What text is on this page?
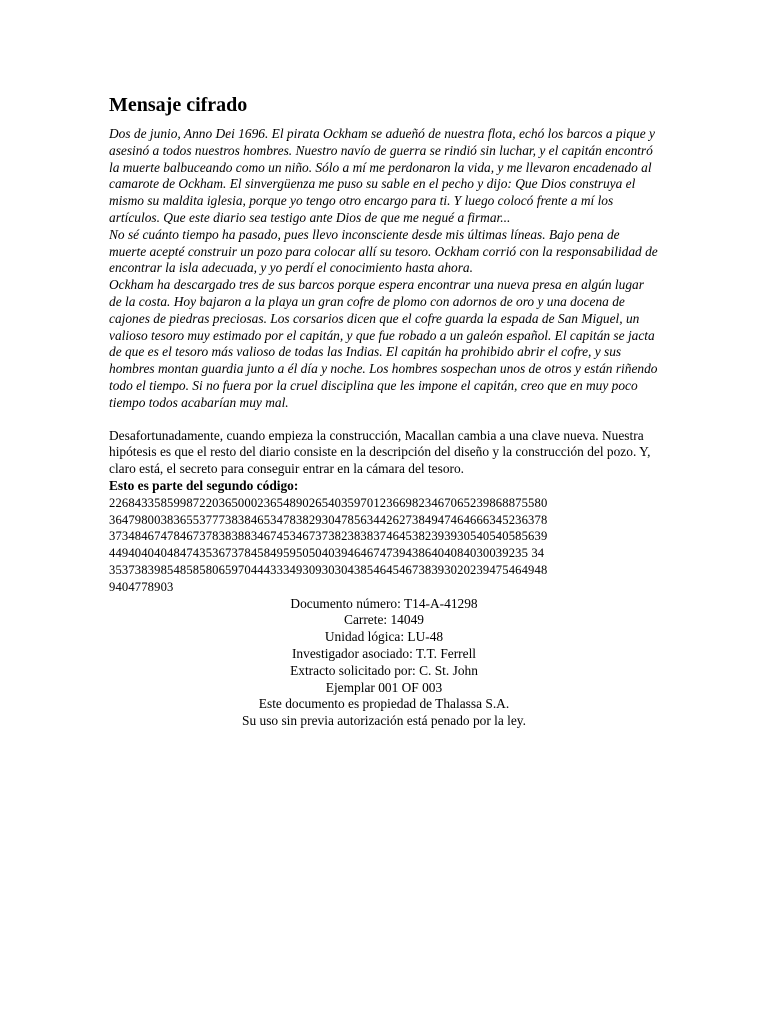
Mensaje cifrado

Dos de junio, Anno Dei 1696. El pirata Ockham se adueñó de nuestra flota, echó los barcos a pique y asesinó a todos nuestros hombres. Nuestro navío de guerra se rindió sin luchar, y el capitán encontró la muerte balbuceando como un niño. Sólo a mí me perdonaron la vida, y me llevaron encadenado al camarote de Ockham. El sinvergüenza me puso su sable en el pecho y dijo: Que Dios construya el mismo su maldita iglesia, porque yo tengo otro encargo para ti. Y luego colocó frente a mí los artículos. Que este diario sea testigo ante Dios de que me negué a firmar...

No sé cuánto tiempo ha pasado, pues llevo inconsciente desde mis últimas líneas. Bajo pena de muerte acepté construir un pozo para colocar allí su tesoro. Ockham corrió con la responsabilidad de encontrar la isla adecuada, y yo perdí el conocimiento hasta ahora.

Ockham ha descargado tres de sus barcos porque espera encontrar una nueva presa en algún lugar de la costa. Hoy bajaron a la playa un gran cofre de plomo con adornos de oro y una docena de cajones de piedras preciosas. Los corsarios dicen que el cofre guarda la espada de San Miguel, un valioso tesoro muy estimado por el capitán, y que fue robado a un galeón español. El capitán se jacta de que es el tesoro más valioso de todas las Indias. El capitán ha prohibido abrir el cofre, y sus hombres montan guardia junto a él día y noche. Los hombres sospechan unos de otros y están riñendo todo el tiempo. Si no fuera por la cruel disciplina que les impone el capitán, creo que en muy poco tiempo todos acabarían muy mal.

Desafortunadamente, cuando empieza la construcción, Macallan cambia a una clave nueva. Nuestra hipótesis es que el resto del diario consiste en la descripción del diseño y la construcción del pozo. Y, claro está, el secreto para conseguir entrar en la cámara del tesoro.

Esto es parte del segundo código:

22684335859987220365000236548902654035970123669823467065239868875580
36479800383655377738384653478382930478563442627384947464666345236378
37348467478467378383883467453467373823838374645382393930540540585639
44940404048474353673784584959505040394646747394386404084030039235 34
35373839854858580659704443334930930304385464546738393020239475464948
9404778903
Documento número: T14-A-41298
Carrete: 14049
Unidad lógica: LU-48
Investigador asociado: T.T. Ferrell
Extracto solicitado por: C. St. John
Ejemplar 001 OF 003
Este documento es propiedad de Thalassa S.A.
Su uso sin previa autorización está penado por la ley.
